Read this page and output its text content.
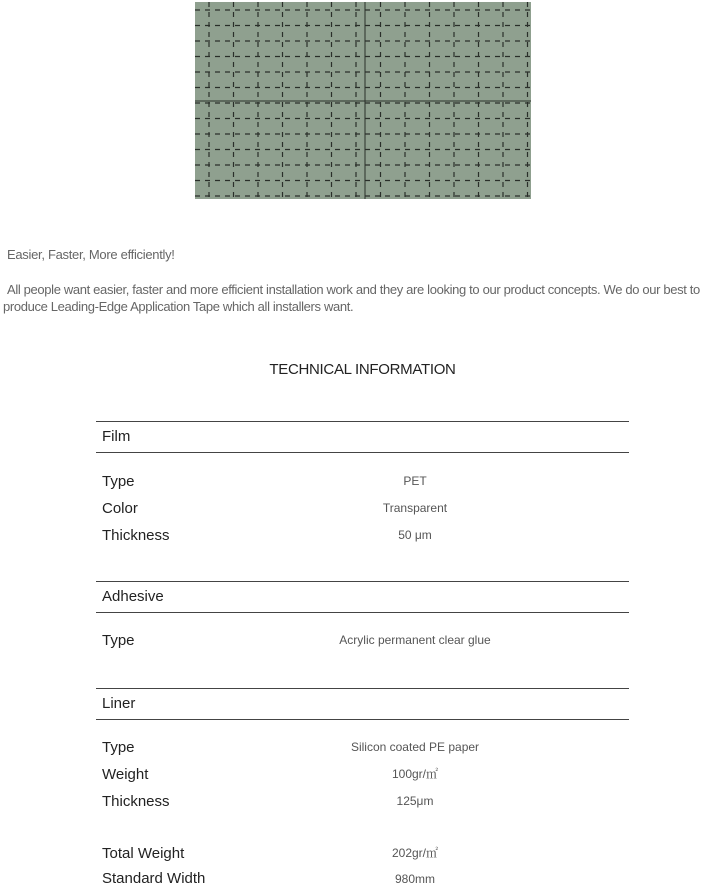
Easier, Faster, More efficiently!
All people want easier, faster and more efficient installation work and they are looking to our product concepts. We do our best to produce Leading-Edge Application Tape which all installers want.
TECHNICAL INFORMATION
Film
Type	PET
Color	Transparent
Thickness	50 μm
Adhesive
Type	Acrylic permanent clear glue
Liner
Type	Silicon coated PE paper
Weight	100gr/㎡
Thickness	125μm
Total Weight	202gr/㎡
Standard Width	980mm
